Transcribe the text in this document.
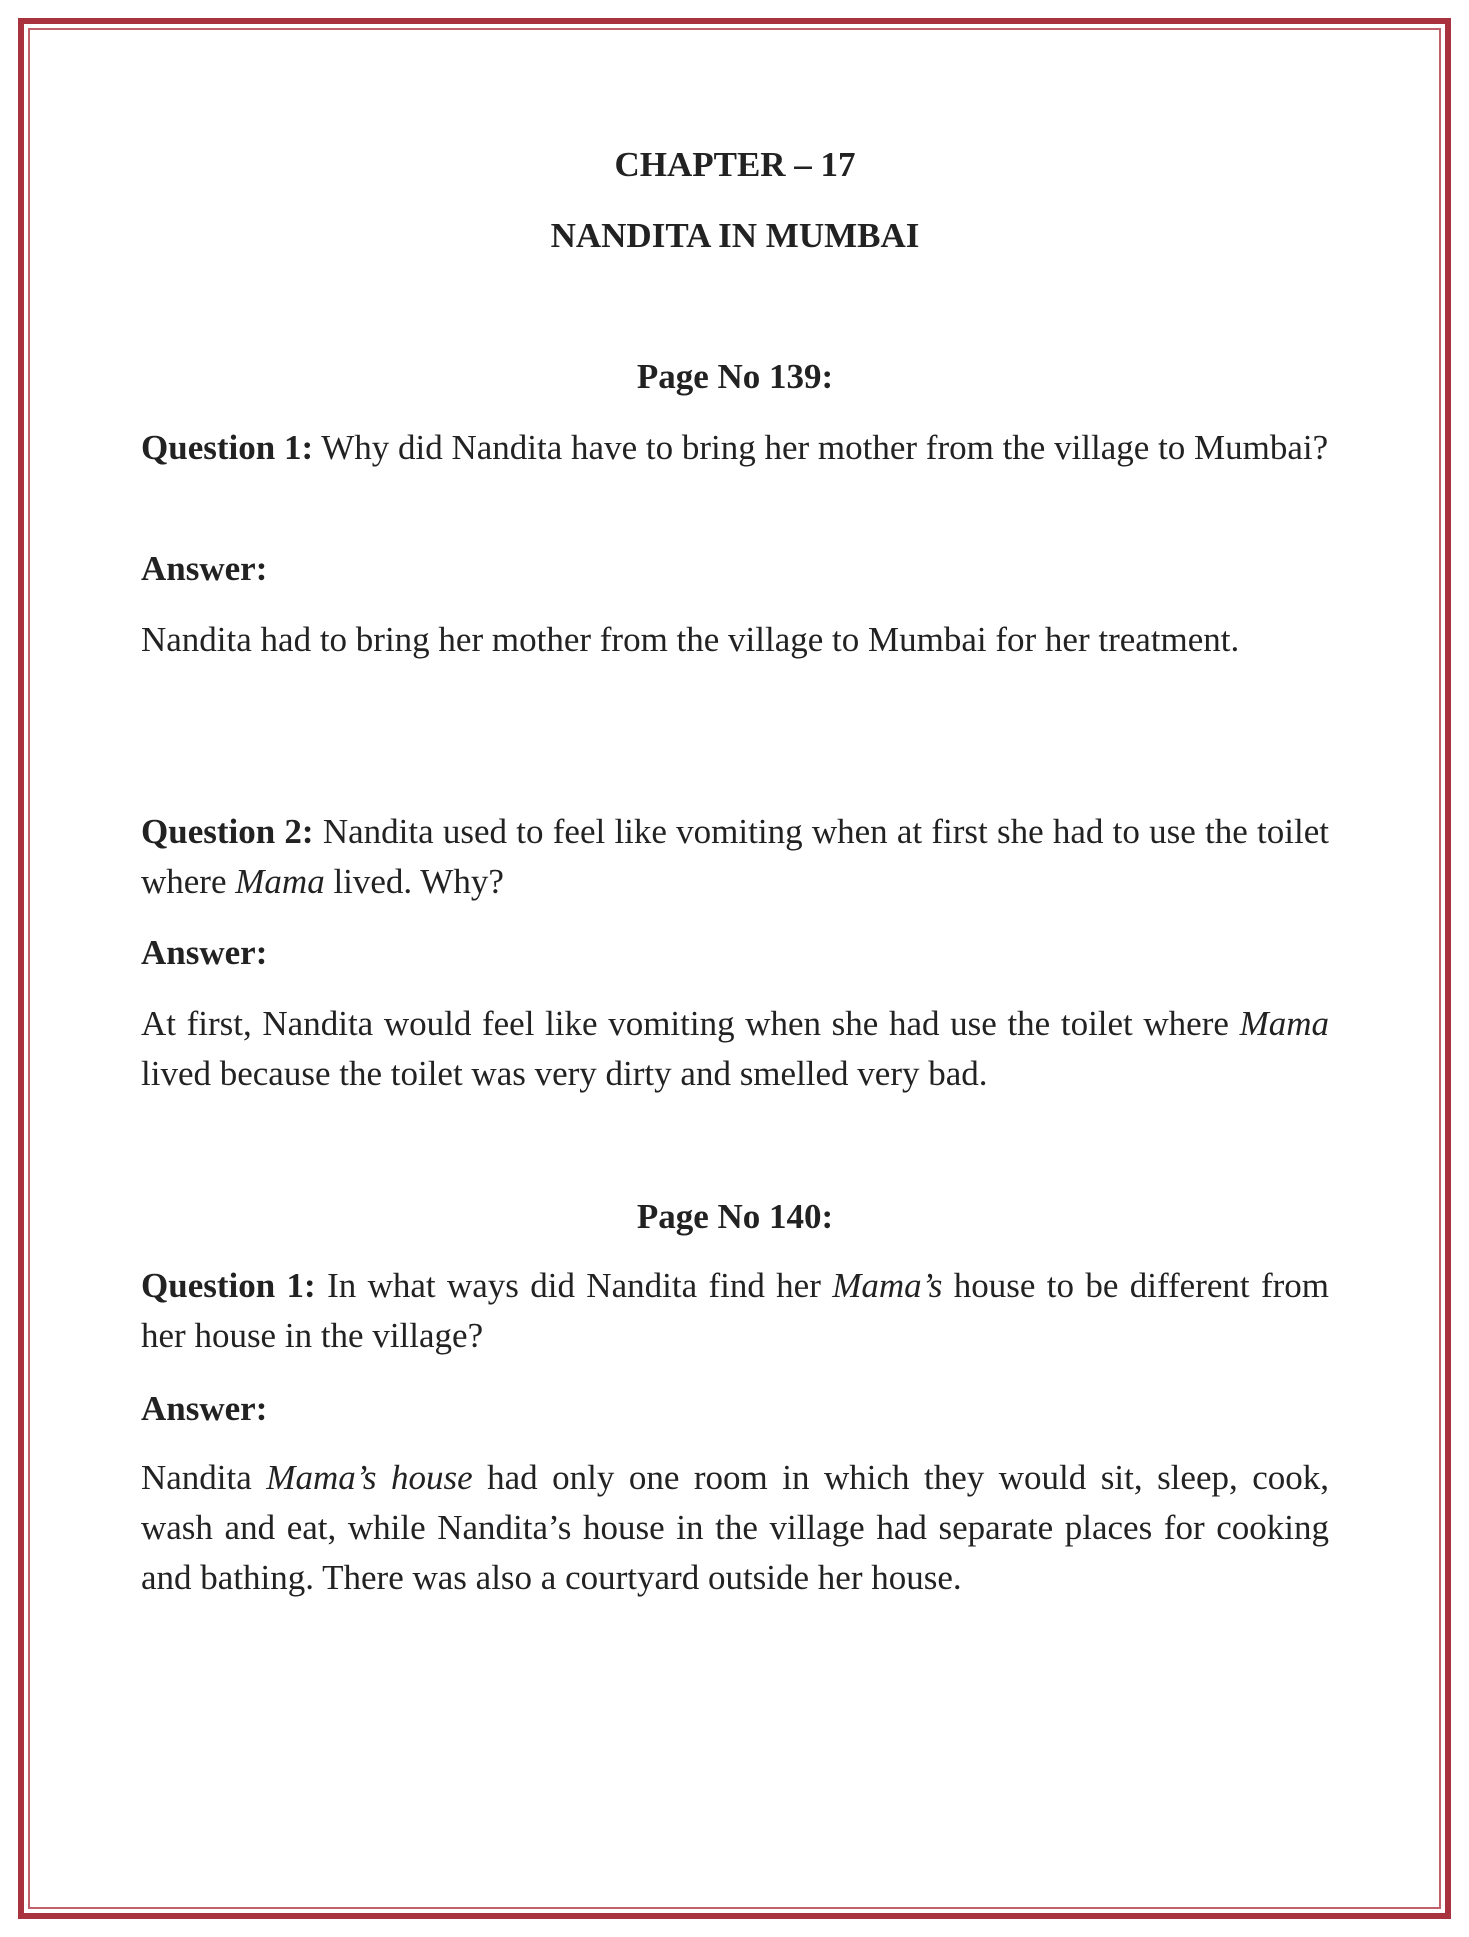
CHAPTER – 17
NANDITA IN MUMBAI
Page No 139:
Question 1: Why did Nandita have to bring her mother from the village to Mumbai?
Answer:
Nandita had to bring her mother from the village to Mumbai for her treatment.
Question 2: Nandita used to feel like vomiting when at first she had to use the toilet where Mama lived. Why?
Answer:
At first, Nandita would feel like vomiting when she had use the toilet where Mama lived because the toilet was very dirty and smelled very bad.
Page No 140:
Question 1: In what ways did Nandita find her Mama’s house to be different from her house in the village?
Answer:
Nandita Mama’s house had only one room in which they would sit, sleep, cook, wash and eat, while Nandita’s house in the village had separate places for cooking and bathing. There was also a courtyard outside her house.
